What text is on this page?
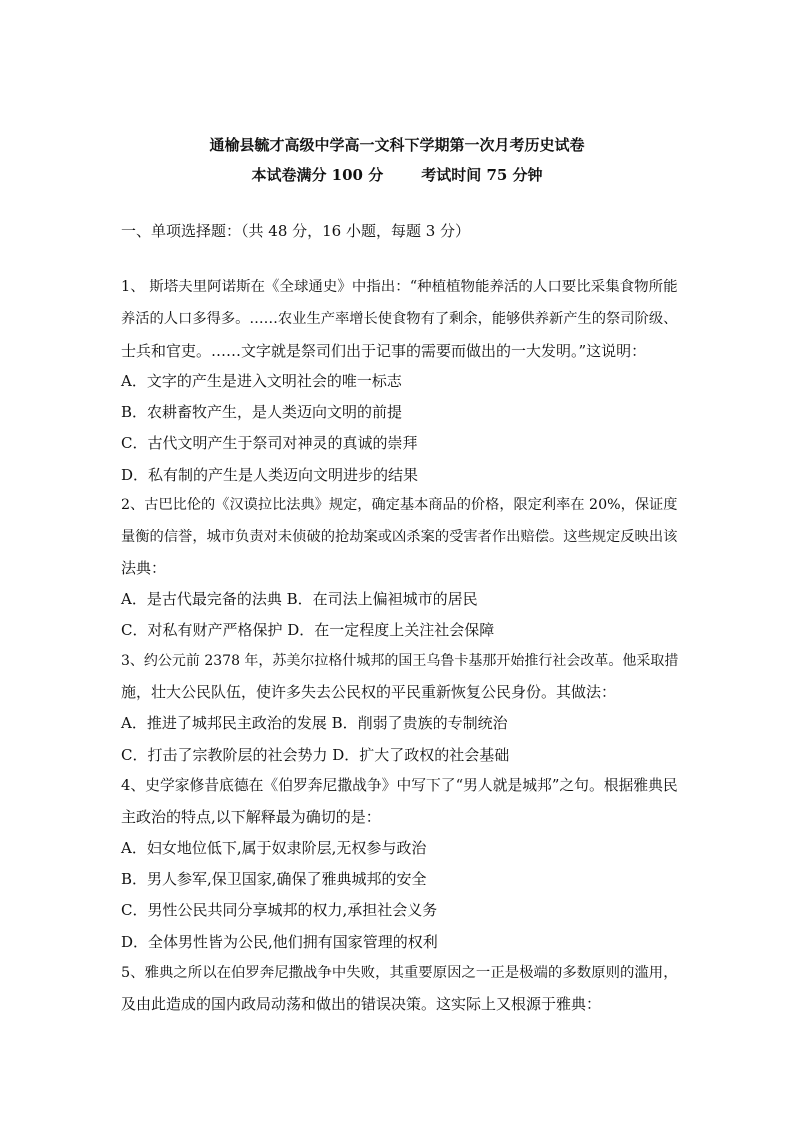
通榆县毓才高级中学高一文科下学期第一次月考历史试卷
本试卷满分 100 分	考试时间 75 分钟
一、单项选择题：（共 48 分，16 小题，每题 3 分）
1、 斯塔夫里阿诺斯在《全球通史》中指出：“种植植物能养活的人口要比采集食物所能
养活的人口多得多。……农业生产率增长使食物有了剩余，能够供养新产生的祭司阶级、
士兵和官吏。……文字就是祭司们出于记事的需要而做出的一大发明。”这说明：
A．文字的产生是进入文明社会的唯一标志
B．农耕畜牧产生，是人类迈向文明的前提
C．古代文明产生于祭司对神灵的真诚的崇拜
D．私有制的产生是人类迈向文明进步的结果
2、古巴比伦的《汉谟拉比法典》规定，确定基本商品的价格，限定利率在 20%，保证度
量衡的信誉，城市负责对未侦破的抢劫案或凶杀案的受害者作出赔偿。这些规定反映出该
法典：
A．是古代最完备的法典 B．在司法上偏袒城市的居民
C．对私有财产严格保护 D．在一定程度上关注社会保障
3、约公元前 2378 年，苏美尔拉格什城邦的国王乌鲁卡基那开始推行社会改革。他采取措
施，壮大公民队伍，使许多失去公民权的平民重新恢复公民身份。其做法：
A．推进了城邦民主政治的发展 B．削弱了贵族的专制统治
C．打击了宗教阶层的社会势力 D．扩大了政权的社会基础
4、史学家修昔底德在《伯罗奔尼撒战争》中写下了“男人就是城邦”之句。根据雅典民
主政治的特点,以下解释最为确切的是：
A．妇女地位低下,属于奴隶阶层,无权参与政治
B．男人参军,保卫国家,确保了雅典城邦的安全
C．男性公民共同分享城邦的权力,承担社会义务
D．全体男性皆为公民,他们拥有国家管理的权利
5、雅典之所以在伯罗奔尼撒战争中失败，其重要原因之一正是极端的多数原则的滥用，
及由此造成的国内政局动荡和做出的错误决策。这实际上又根源于雅典：
